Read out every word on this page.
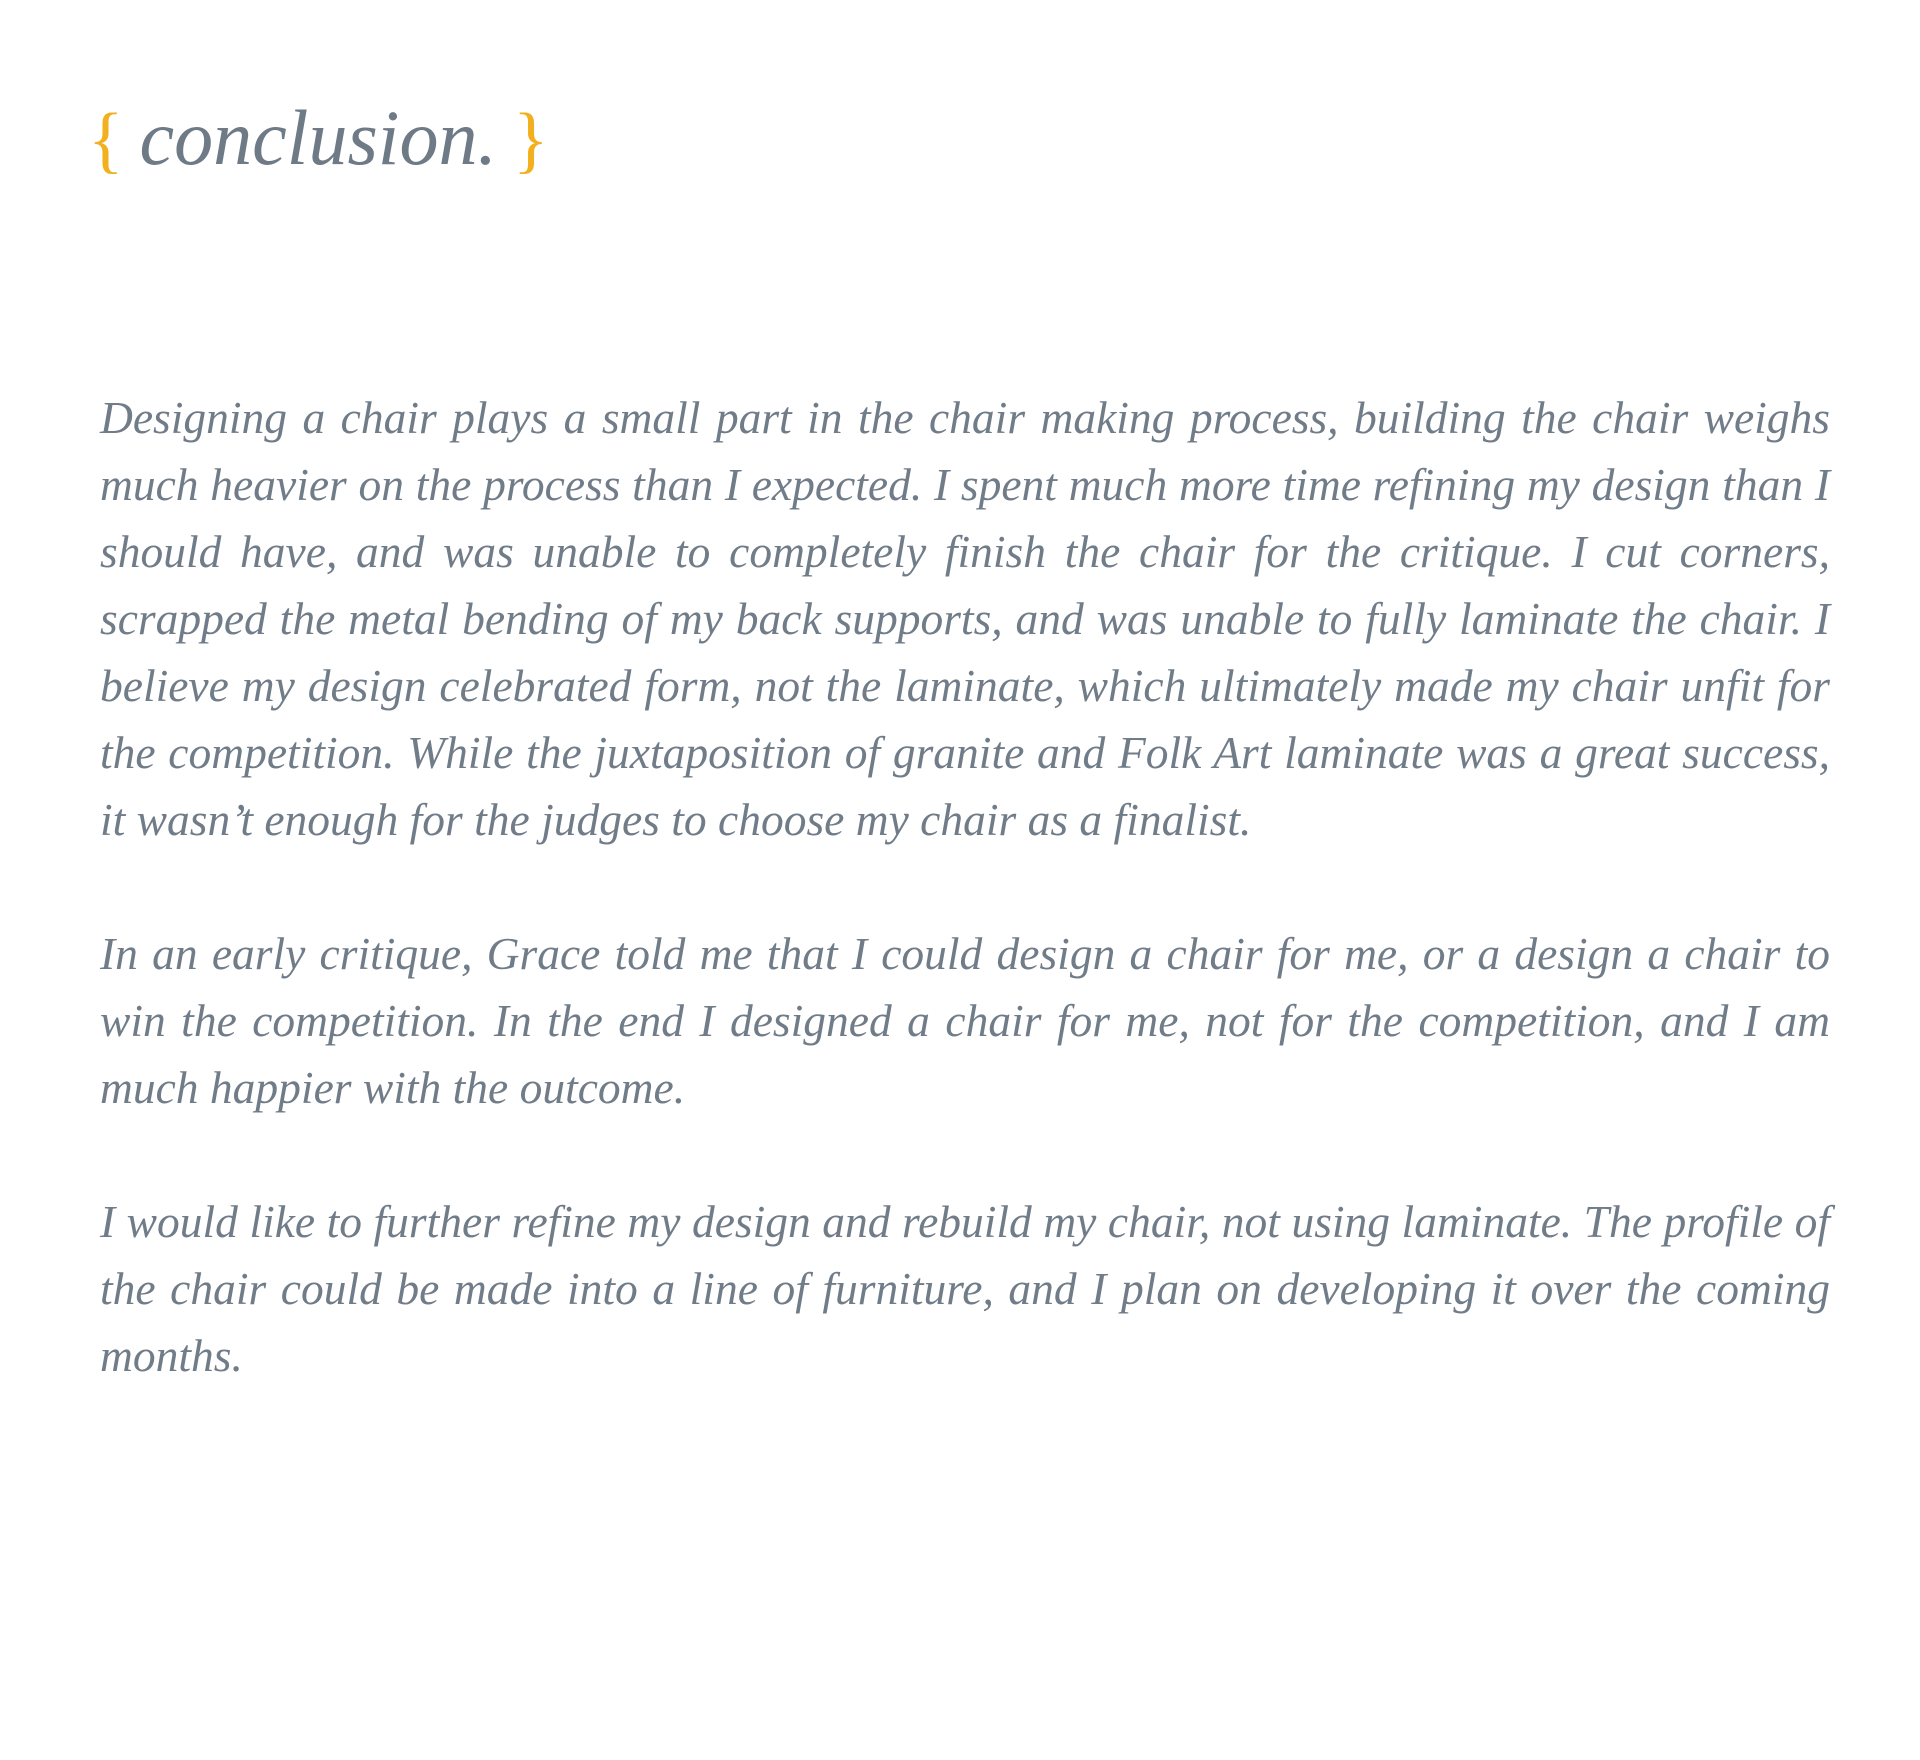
{ conclusion. }

Designing a chair plays a small part in the chair making process, building the chair weighs much heavier on the process than I expected. I spent much more time refining my design than I should have, and was unable to completely finish the chair for the critique. I cut corners, scrapped the metal bending of my back supports, and was unable to fully laminate the chair. I believe my design celebrated form, not the laminate, which ultimately made my chair unfit for the competition. While the juxtaposition of granite and Folk Art laminate was a great success, it wasn’t enough for the judges to choose my chair as a finalist.

In an early critique, Grace told me that I could design a chair for me, or a design a chair to win the competition. In the end I designed a chair for me, not for the competition, and I am much happier with the outcome.

I would like to further refine my design and rebuild my chair, not using laminate. The profile of the chair could be made into a line of furniture, and I plan on developing it over the coming months.
